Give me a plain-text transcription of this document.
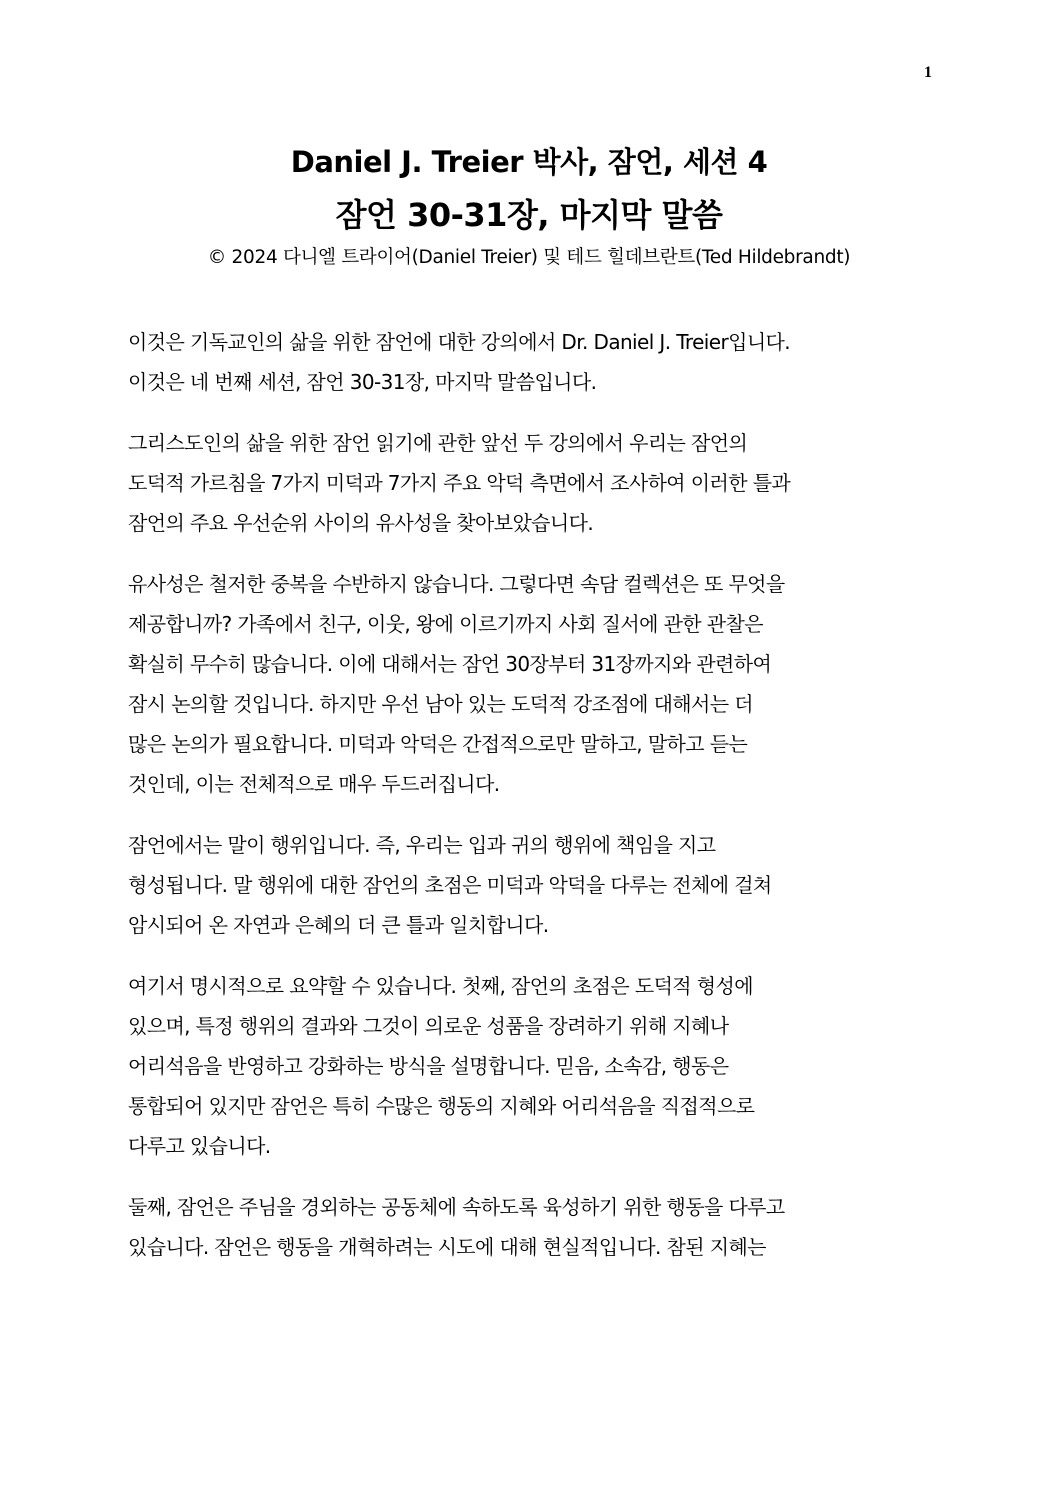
1
Daniel J. Treier 박사, 잠언, 세션 4
잠언 30-31장, 마지막 말씀
© 2024 다니엘 트라이어(Daniel Treier) 및 테드 힐데브란트(Ted Hildebrandt)

이것은 기독교인의 삶을 위한 잠언에 대한 강의에서 Dr. Daniel J. Treier입니다.
이것은 네 번째 세션, 잠언 30-31장, 마지막 말씀입니다.

그리스도인의 삶을 위한 잠언 읽기에 관한 앞선 두 강의에서 우리는 잠언의
도덕적 가르침을 7가지 미덕과 7가지 주요 악덕 측면에서 조사하여 이러한 틀과
잠언의 주요 우선순위 사이의 유사성을 찾아보았습니다.

유사성은 철저한 중복을 수반하지 않습니다. 그렇다면 속담 컬렉션은 또 무엇을
제공합니까? 가족에서 친구, 이웃, 왕에 이르기까지 사회 질서에 관한 관찰은
확실히 무수히 많습니다. 이에 대해서는 잠언 30장부터 31장까지와 관련하여
잠시 논의할 것입니다. 하지만 우선 남아 있는 도덕적 강조점에 대해서는 더
많은 논의가 필요합니다. 미덕과 악덕은 간접적으로만 말하고, 말하고 듣는
것인데, 이는 전체적으로 매우 두드러집니다.

잠언에서는 말이 행위입니다. 즉, 우리는 입과 귀의 행위에 책임을 지고
형성됩니다. 말 행위에 대한 잠언의 초점은 미덕과 악덕을 다루는 전체에 걸쳐
암시되어 온 자연과 은혜의 더 큰 틀과 일치합니다.

여기서 명시적으로 요약할 수 있습니다. 첫째, 잠언의 초점은 도덕적 형성에
있으며, 특정 행위의 결과와 그것이 의로운 성품을 장려하기 위해 지혜나
어리석음을 반영하고 강화하는 방식을 설명합니다. 믿음, 소속감, 행동은
통합되어 있지만 잠언은 특히 수많은 행동의 지혜와 어리석음을 직접적으로
다루고 있습니다.

둘째, 잠언은 주님을 경외하는 공동체에 속하도록 육성하기 위한 행동을 다루고
있습니다. 잠언은 행동을 개혁하려는 시도에 대해 현실적입니다. 참된 지혜는
